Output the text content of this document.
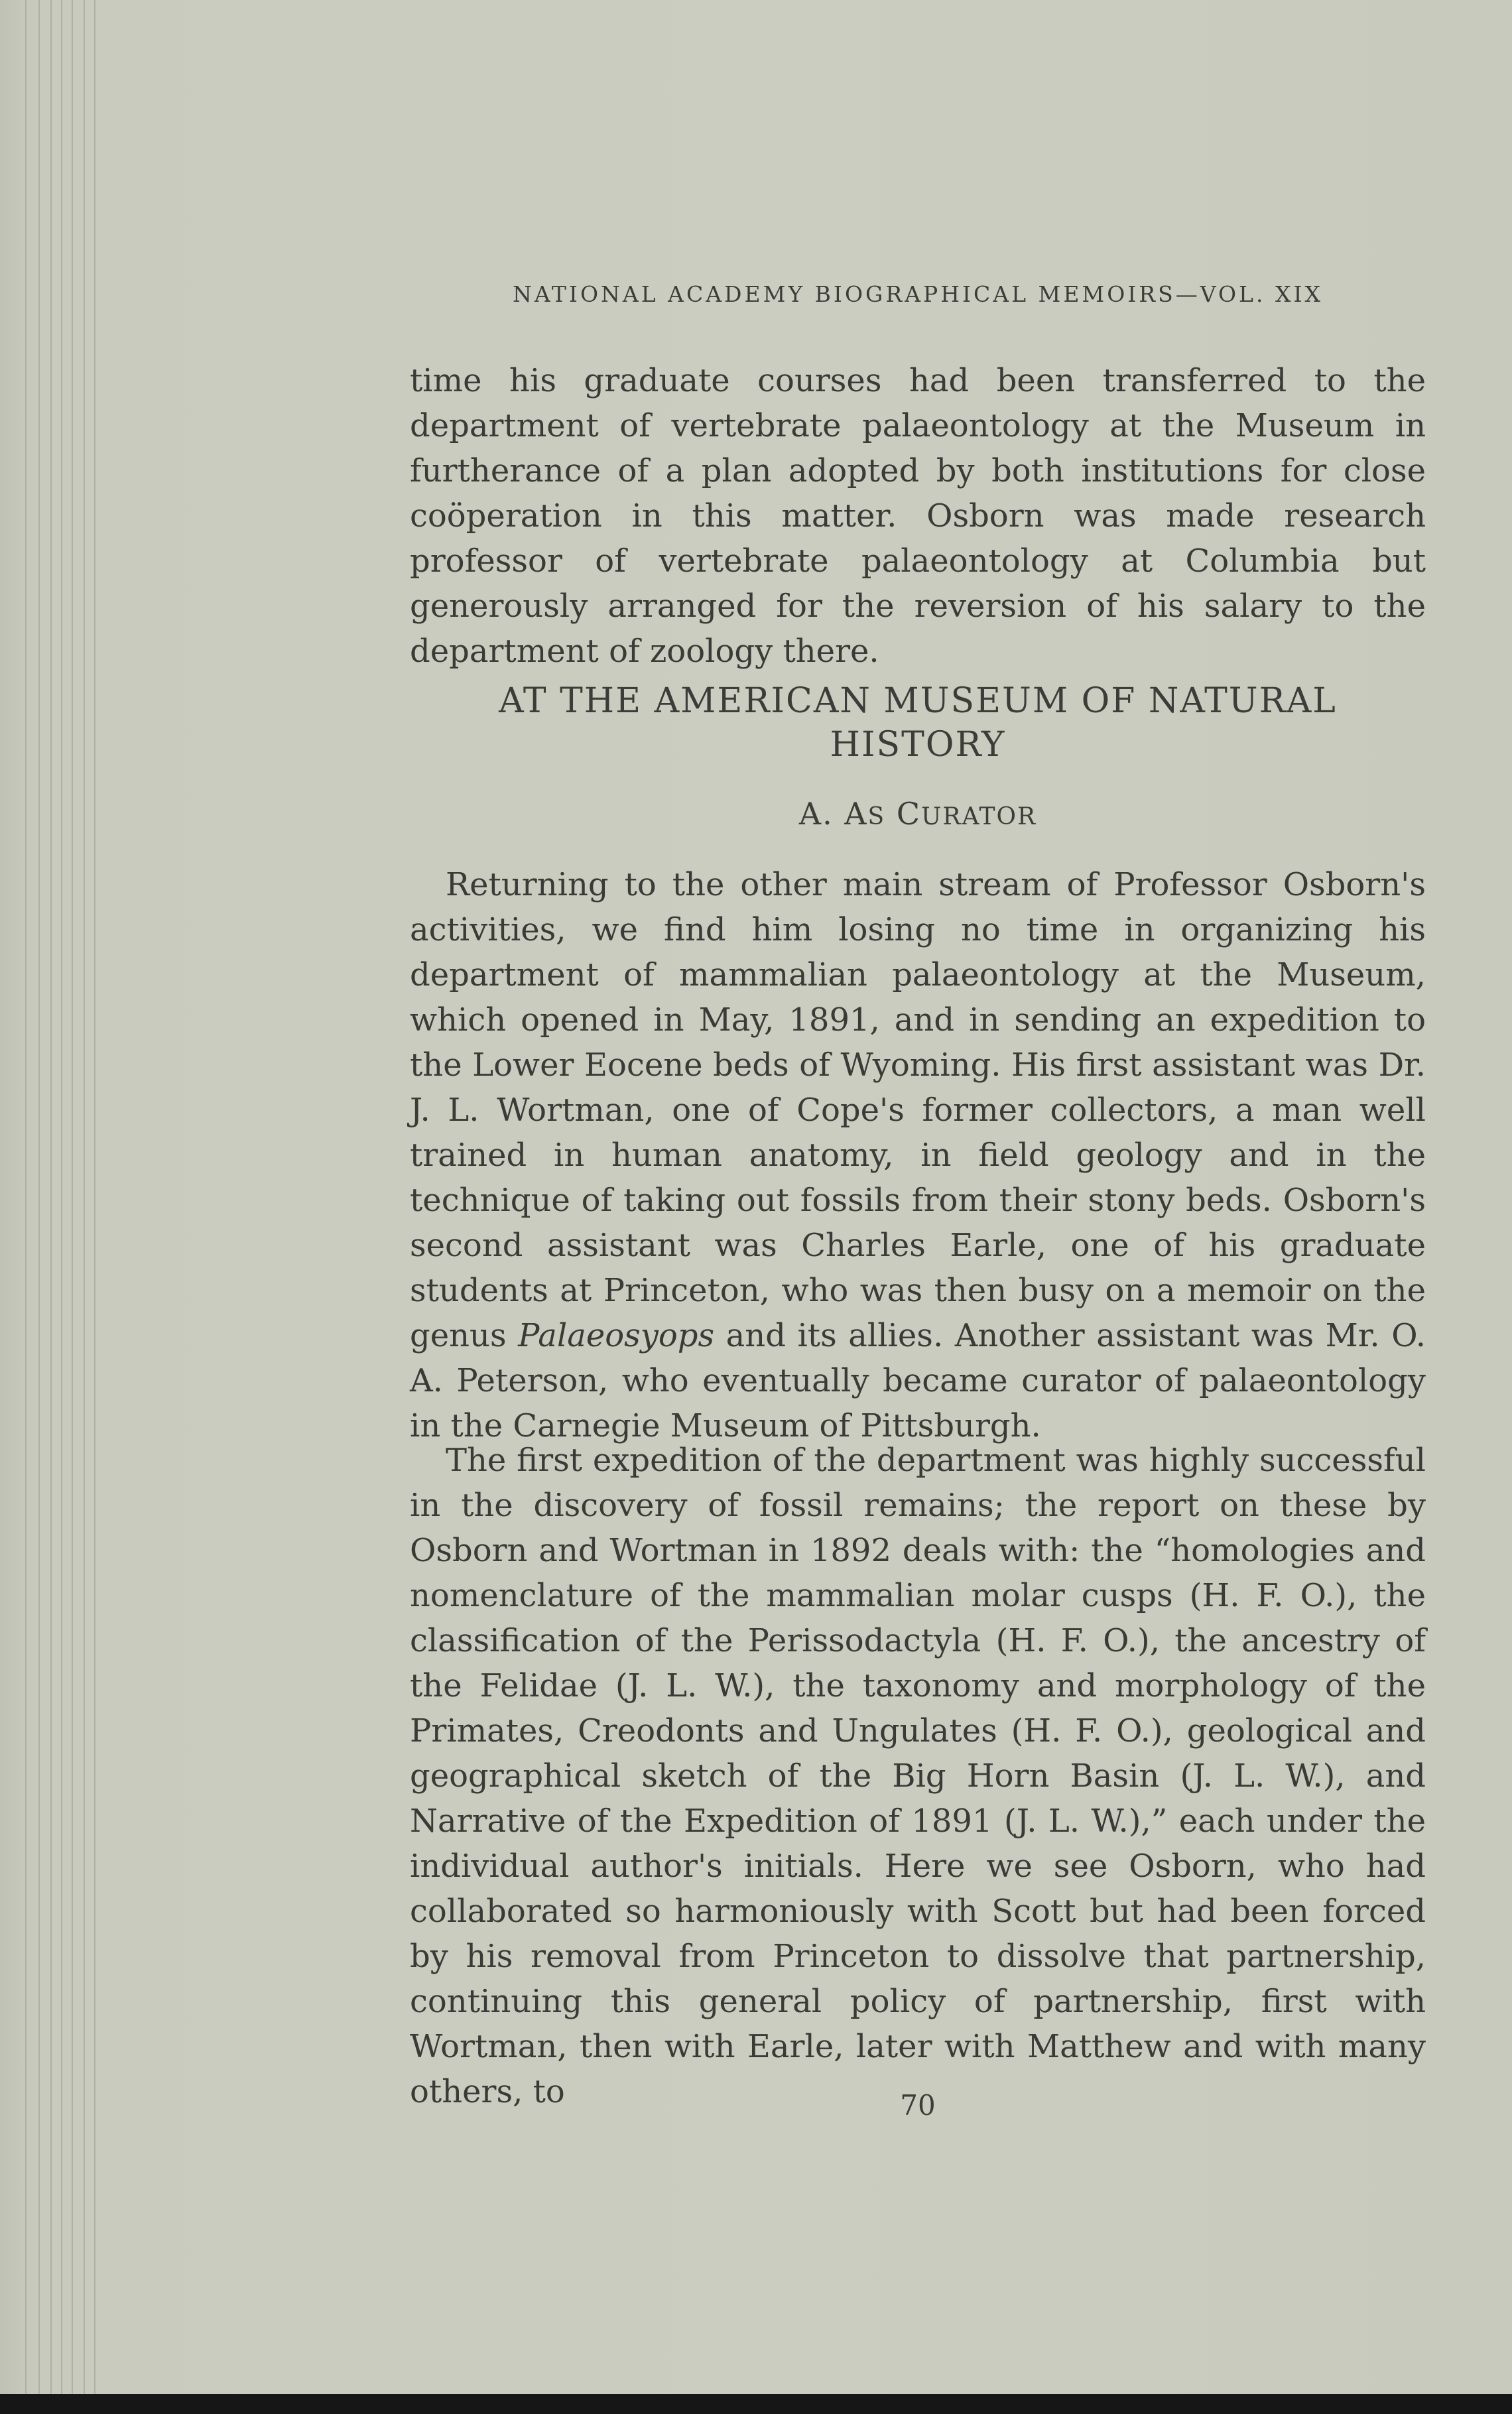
NATIONAL ACADEMY BIOGRAPHICAL MEMOIRS—VOL. XIX

time his graduate courses had been transferred to the department of vertebrate palaeontology at the Museum in furtherance of a plan adopted by both institutions for close coöperation in this matter. Osborn was made research professor of vertebrate palaeontology at Columbia but generously arranged for the reversion of his salary to the department of zoology there.

AT THE AMERICAN MUSEUM OF NATURAL
HISTORY
A. AS CURATOR

Returning to the other main stream of Professor Osborn's activities, we find him losing no time in organizing his department of mammalian palaeontology at the Museum, which opened in May, 1891, and in sending an expedition to the Lower Eocene beds of Wyoming. His first assistant was Dr. J. L. Wortman, one of Cope's former collectors, a man well trained in human anatomy, in field geology and in the technique of taking out fossils from their stony beds. Osborn's second assistant was Charles Earle, one of his graduate students at Princeton, who was then busy on a memoir on the genus Palaeosyops and its allies. Another assistant was Mr. O. A. Peterson, who eventually became curator of palaeontology in the Carnegie Museum of Pittsburgh.

The first expedition of the department was highly successful in the discovery of fossil remains; the report on these by Osborn and Wortman in 1892 deals with: the “homologies and nomenclature of the mammalian molar cusps (H. F. O.), the classification of the Perissodactyla (H. F. O.), the ancestry of the Felidae (J. L. W.), the taxonomy and morphology of the Primates, Creodonts and Ungulates (H. F. O.), geological and geographical sketch of the Big Horn Basin (J. L. W.), and Narrative of the Expedition of 1891 (J. L. W.),” each under the individual author's initials. Here we see Osborn, who had collaborated so harmoniously with Scott but had been forced by his removal from Princeton to dissolve that partnership, continuing this general policy of partnership, first with Wortman, then with Earle, later with Matthew and with many others, to	70
